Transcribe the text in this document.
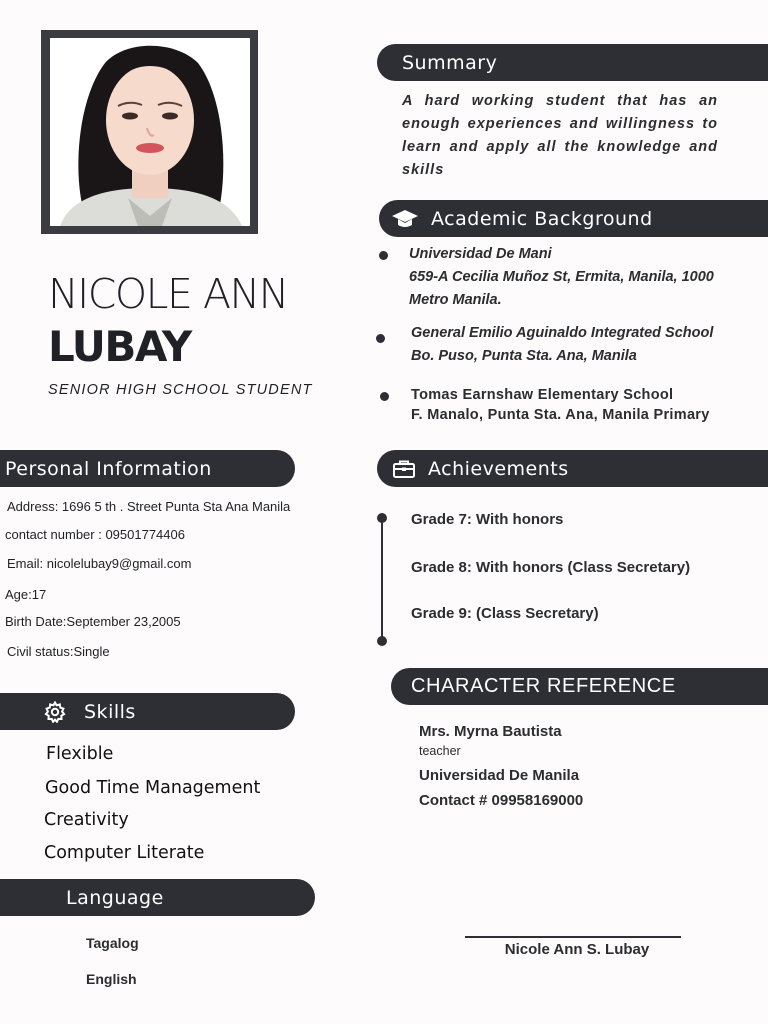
NICOLE ANN
LUBAY
SENIOR HIGH SCHOOL STUDENT
Summary
A hard working student that has an enough experiences and willingness to learn and apply all the knowledge and skills
Academic Background
Universidad De Mani
659-A Cecilia Muñoz St, Ermita, Manila, 1000
Metro Manila.
General Emilio Aguinaldo Integrated School
Bo. Puso, Punta Sta. Ana, Manila
Tomas Earnshaw Elementary School
F. Manalo, Punta Sta. Ana, Manila Primary
Personal Information
Address: 1696 5 th . Street Punta Sta Ana Manila
contact number : 09501774406
Email: nicolelubay9@gmail.com
Age:17
Birth Date:September 23,2005
Civil status:Single
Achievements
Grade 7: With honors
Grade 8: With honors (Class Secretary)
Grade 9: (Class Secretary)
Skills
Flexible
Good Time Management
Creativity
Computer Literate
CHARACTER REFERENCE
Mrs. Myrna Bautista
teacher
Universidad De Manila
Contact # 09958169000
Language
Tagalog
English
Nicole Ann S. Lubay
